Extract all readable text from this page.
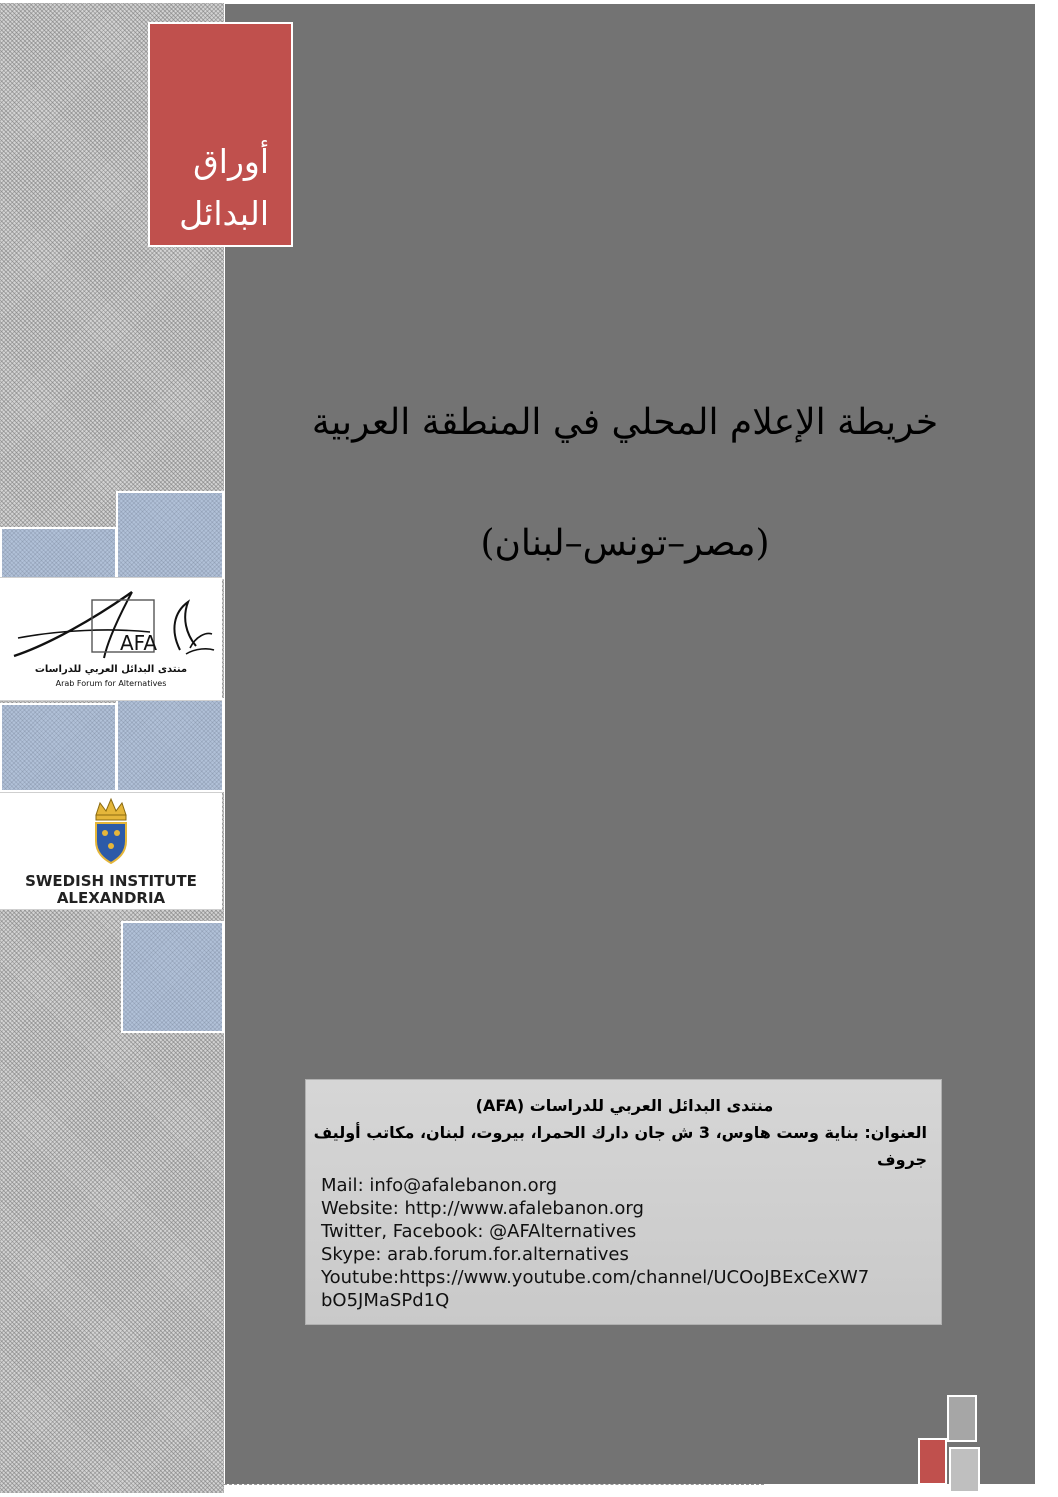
أوراق
البدائل
AFA
منتدى البدائل العربي للدراسات
Arab Forum for Alternatives
SWEDISH INSTITUTE
ALEXANDRIA
خريطة الإعلام المحلي في المنطقة العربية
(مصر–تونس–لبنان)
منتدى البدائل العربي للدراسات (AFA)
العنوان: بناية وست هاوس، 3 ش جان دارك الحمرا، بيروت، لبنان، مكاتب أوليف
جروف
Mail: info@afalebanon.org
Website: http://www.afalebanon.org
Twitter, Facebook: @AFAlternatives
Skype: arab.forum.for.alternatives
Youtube:https://www.youtube.com/channel/UCOoJBExCeXW7
bO5JMaSPd1Q
